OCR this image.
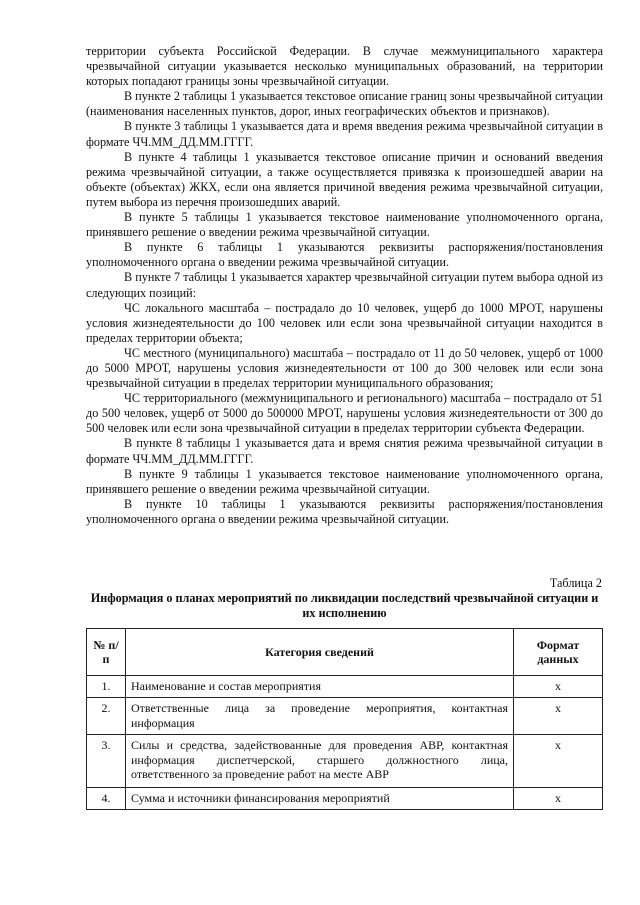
территории субъекта Российской Федерации. В случае межмуниципального характера чрезвычайной ситуации указывается несколько муниципальных образований, на территории которых попадают границы зоны чрезвычайной ситуации.

В пункте 2 таблицы 1 указывается текстовое описание границ зоны чрезвычайной ситуации (наименования населенных пунктов, дорог, иных географических объектов и признаков).

В пункте 3 таблицы 1 указывается дата и время введения режима чрезвычайной ситуации в формате ЧЧ.ММ_ДД.ММ.ГГГГ.

В пункте 4 таблицы 1 указывается текстовое описание причин и оснований введения режима чрезвычайной ситуации, а также осуществляется привязка к произошедшей аварии на объекте (объектах) ЖКХ, если она является причиной введения режима чрезвычайной ситуации, путем выбора из перечня произошедших аварий.

В пункте 5 таблицы 1 указывается текстовое наименование уполномоченного органа, принявшего решение о введении режима чрезвычайной ситуации.

В пункте 6 таблицы 1 указываются реквизиты распоряжения/постановления уполномоченного органа о введении режима чрезвычайной ситуации.

В пункте 7 таблицы 1 указывается характер чрезвычайной ситуации путем выбора одной из следующих позиций:

ЧС локального масштаба – пострадало до 10 человек, ущерб до 1000 МРОТ, нарушены условия жизнедеятельности до 100 человек или если зона чрезвычайной ситуации находится в пределах территории объекта;

ЧС местного (муниципального) масштаба – пострадало от 11 до 50 человек, ущерб от 1000 до 5000 МРОТ, нарушены условия жизнедеятельности от 100 до 300 человек или если зона чрезвычайной ситуации в пределах территории муниципального образования;

ЧС территориального (межмуниципального и регионального) масштаба – пострадало от 51 до 500 человек, ущерб от 5000 до 500000 МРОТ, нарушены условия жизнедеятельности от 300 до 500 человек или если зона чрезвычайной ситуации в пределах территории субъекта Федерации.

В пункте 8 таблицы 1 указывается дата и время снятия режима чрезвычайной ситуации в формате ЧЧ.ММ_ДД.ММ.ГГГГ.

В пункте 9 таблицы 1 указывается текстовое наименование уполномоченного органа, принявшего решение о введении режима чрезвычайной ситуации.

В пункте 10 таблицы 1 указываются реквизиты распоряжения/постановления уполномоченного органа о введении режима чрезвычайной ситуации.

Таблица 2
Информация о планах мероприятий по ликвидации последствий чрезвычайной ситуации и их исполнению
№ п/п	Категория сведений	Формат данных
1.	Наименование и состав мероприятия	х
2.	Ответственные лица за проведение мероприятия, контактная информация	х
3.	Силы и средства, задействованные для проведения АВР, контактная информация диспетчерской, старшего должностного лица, ответственного за проведение работ на месте АВР	х
4.	Сумма и источники финансирования мероприятий	х
